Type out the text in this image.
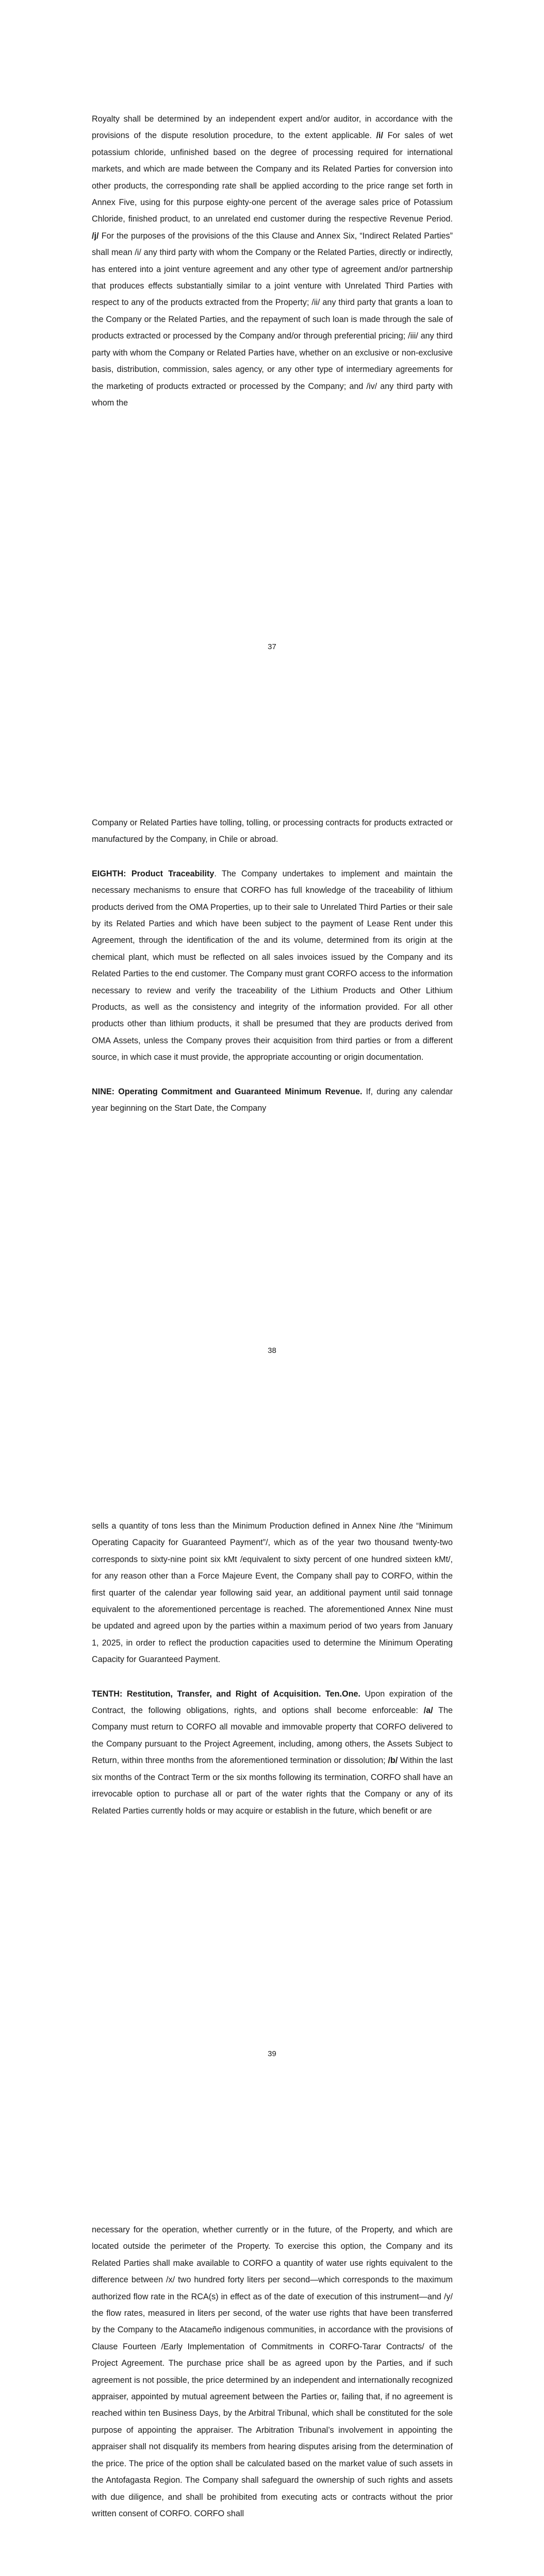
Royalty shall be determined by an independent expert and/or auditor, in accordance with the provisions of the dispute resolution procedure, to the extent applicable. /i/ For sales of wet potassium chloride, unfinished based on the degree of processing required for international markets, and which are made between the Company and its Related Parties for conversion into other products, the corresponding rate shall be applied according to the price range set forth in Annex Five, using for this purpose eighty-one percent of the average sales price of Potassium Chloride, finished product, to an unrelated end customer during the respective Revenue Period. /j/ For the purposes of the provisions of the this Clause and Annex Six, “Indirect Related Parties” shall mean /i/ any third party with whom the Company or the Related Parties, directly or indirectly, has entered into a joint venture agreement and any other type of agreement and/or partnership that produces effects substantially similar to a joint venture with Unrelated Third Parties with respect to any of the products extracted from the Property; /ii/ any third party that grants a loan to the Company or the Related Parties, and the repayment of such loan is made through the sale of products extracted or processed by the Company and/or through preferential pricing; /iii/ any third party with whom the Company or Related Parties have, whether on an exclusive or non-exclusive basis, distribution, commission, sales agency, or any other type of intermediary agreements for the marketing of products extracted or processed by the Company; and /iv/ any third party with whom the

37

Company or Related Parties have tolling, tolling, or processing contracts for products extracted or manufactured by the Company, in Chile or abroad.

EIGHTH: Product Traceability. The Company undertakes to implement and maintain the necessary mechanisms to ensure that CORFO has full knowledge of the traceability of lithium products derived from the OMA Properties, up to their sale to Unrelated Third Parties or their sale by its Related Parties and which have been subject to the payment of Lease Rent under this Agreement, through the identification of the and its volume, determined from its origin at the chemical plant, which must be reflected on all sales invoices issued by the Company and its Related Parties to the end customer. The Company must grant CORFO access to the information necessary to review and verify the traceability of the Lithium Products and Other Lithium Products, as well as the consistency and integrity of the information provided. For all other products other than lithium products, it shall be presumed that they are products derived from OMA Assets, unless the Company proves their acquisition from third parties or from a different source, in which case it must provide, the appropriate accounting or origin documentation.

NINE: Operating Commitment and Guaranteed Minimum Revenue. If, during any calendar year beginning on the Start Date, the Company

38

sells a quantity of tons less than the Minimum Production defined in Annex Nine /the “Minimum Operating Capacity for Guaranteed Payment”/, which as of the year two thousand twenty-two corresponds to sixty-nine point six kMt /equivalent to sixty percent of one hundred sixteen kMt/, for any reason other than a Force Majeure Event, the Company shall pay to CORFO, within the first quarter of the calendar year following said year, an additional payment until said tonnage equivalent to the aforementioned percentage is reached. The aforementioned Annex Nine must be updated and agreed upon by the parties within a maximum period of two years from January 1, 2025, in order to reflect the production capacities used to determine the Minimum Operating Capacity for Guaranteed Payment.

TENTH: Restitution, Transfer, and Right of Acquisition. Ten.One. Upon expiration of the Contract, the following obligations, rights, and options shall become enforceable: /a/ The Company must return to CORFO all movable and immovable property that CORFO delivered to the Company pursuant to the Project Agreement, including, among others, the Assets Subject to Return, within three months from the aforementioned termination or dissolution; /b/ Within the last six months of the Contract Term or the six months following its termination, CORFO shall have an irrevocable option to purchase all or part of the water rights that the Company or any of its Related Parties currently holds or may acquire or establish in the future, which benefit or are

39

necessary for the operation, whether currently or in the future, of the Property, and which are located outside the perimeter of the Property. To exercise this option, the Company and its Related Parties shall make available to CORFO a quantity of water use rights equivalent to the difference between /x/ two hundred forty liters per second—which corresponds to the maximum authorized flow rate in the RCA(s) in effect as of the date of execution of this instrument—and /y/ the flow rates, measured in liters per second, of the water use rights that have been transferred by the Company to the Atacameño indigenous communities, in accordance with the provisions of Clause Fourteen /Early Implementation of Commitments in CORFO-Tarar Contracts/ of the Project Agreement. The purchase price shall be as agreed upon by the Parties, and if such agreement is not possible, the price determined by an independent and internationally recognized appraiser, appointed by mutual agreement between the Parties or, failing that, if no agreement is reached within ten Business Days, by the Arbitral Tribunal, which shall be constituted for the sole purpose of appointing the appraiser. The Arbitration Tribunal’s involvement in appointing the appraiser shall not disqualify its members from hearing disputes arising from the determination of the price. The price of the option shall be calculated based on the market value of such assets in the Antofagasta Region. The Company shall safeguard the ownership of such rights and assets with due diligence, and shall be prohibited from executing acts or contracts without the prior written consent of CORFO. CORFO shall
